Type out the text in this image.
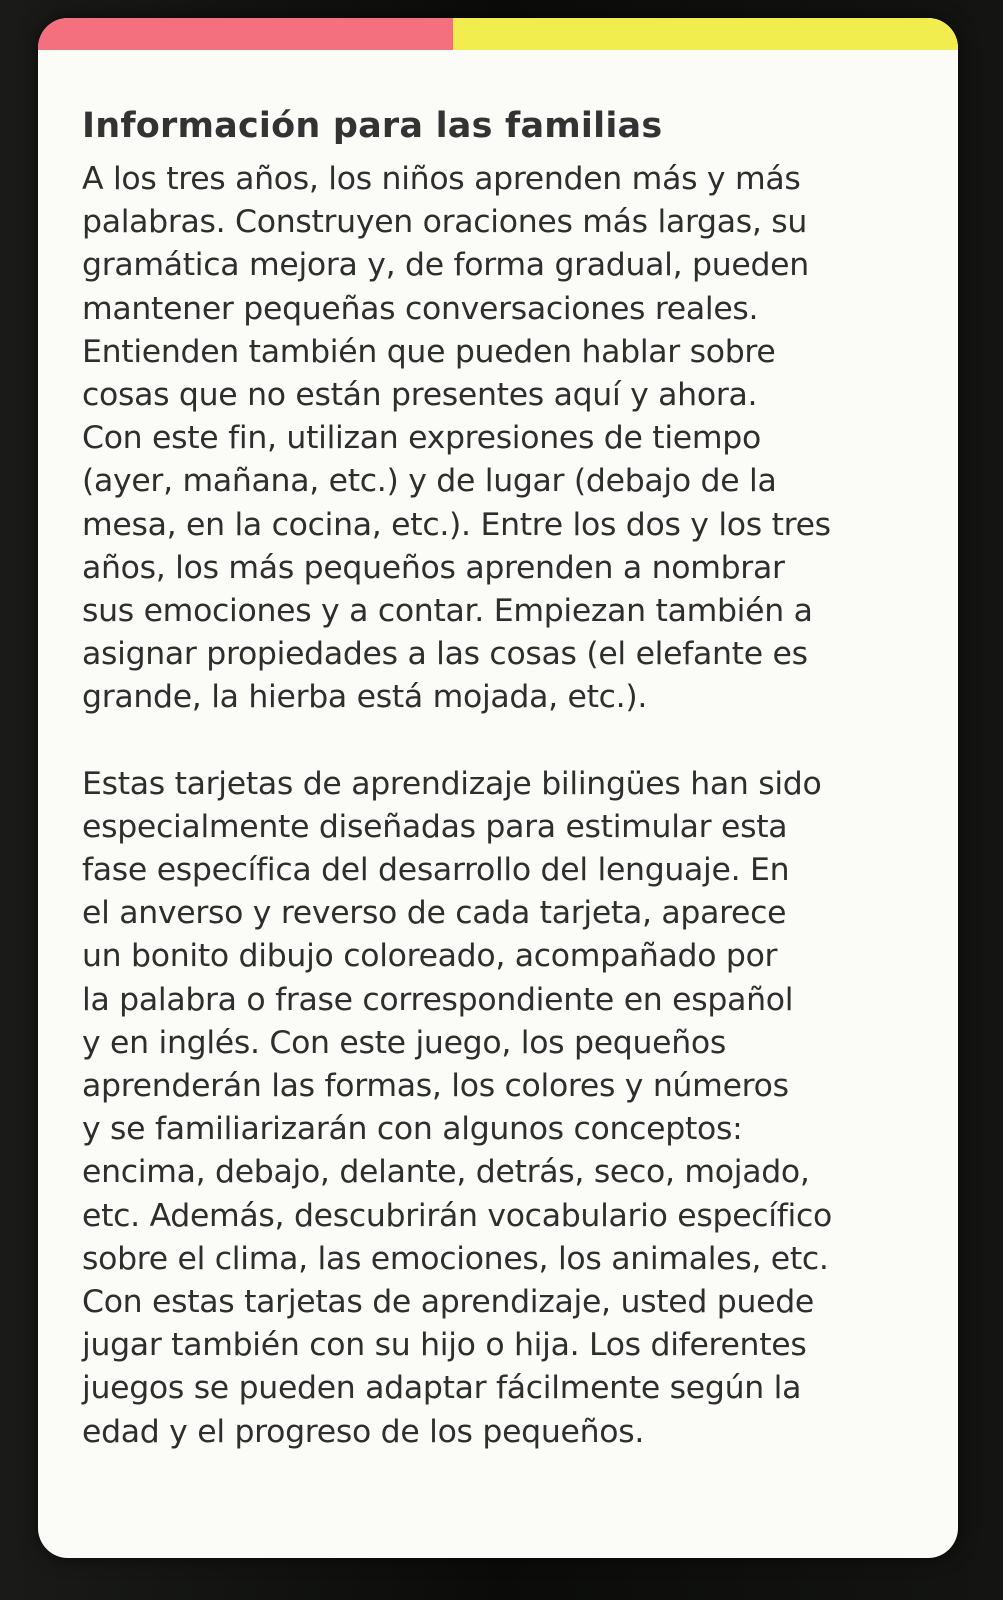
Información para las familias

A los tres años, los niños aprenden más y más
palabras. Construyen oraciones más largas, su
gramática mejora y, de forma gradual, pueden
mantener pequeñas conversaciones reales.
Entienden también que pueden hablar sobre
cosas que no están presentes aquí y ahora.
Con este fin, utilizan expresiones de tiempo
(ayer, mañana, etc.) y de lugar (debajo de la
mesa, en la cocina, etc.). Entre los dos y los tres
años, los más pequeños aprenden a nombrar
sus emociones y a contar. Empiezan también a
asignar propiedades a las cosas (el elefante es
grande, la hierba está mojada, etc.).

Estas tarjetas de aprendizaje bilingües han sido
especialmente diseñadas para estimular esta
fase específica del desarrollo del lenguaje. En
el anverso y reverso de cada tarjeta, aparece
un bonito dibujo coloreado, acompañado por
la palabra o frase correspondiente en español
y en inglés. Con este juego, los pequeños
aprenderán las formas, los colores y números
y se familiarizarán con algunos conceptos:
encima, debajo, delante, detrás, seco, mojado,
etc. Además, descubrirán vocabulario específico
sobre el clima, las emociones, los animales, etc.
Con estas tarjetas de aprendizaje, usted puede
jugar también con su hijo o hija. Los diferentes
juegos se pueden adaptar fácilmente según la
edad y el progreso de los pequeños.
